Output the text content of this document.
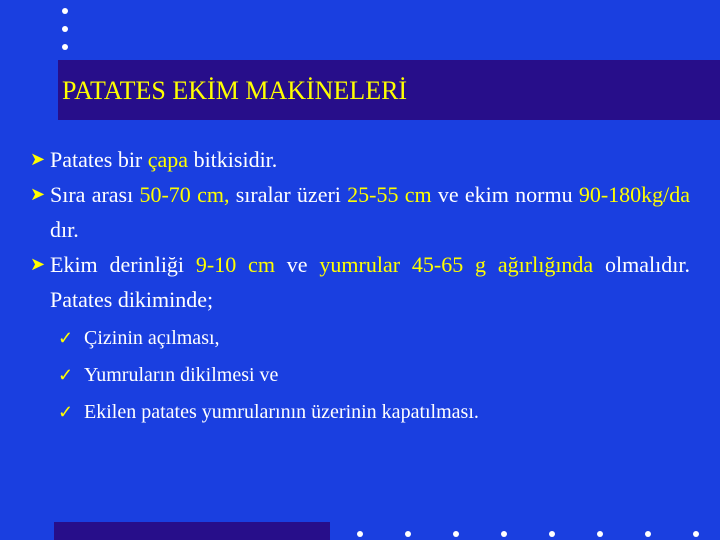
PATATES EKİM MAKİNELERİ
➤ Patates bir çapa bitkisidir.
➤ Sıra arası 50-70 cm, sıralar üzeri 25-55 cm ve ekim normu 90-180kg/da dır.
➤ Ekim derinliği 9-10 cm ve yumrular 45-65 g ağırlığında olmalıdır. Patates dikiminde;
✓ Çizinin açılması,
✓ Yumruların dikilmesi ve
✓ Ekilen patates yumrularının üzerinin kapatılması.
